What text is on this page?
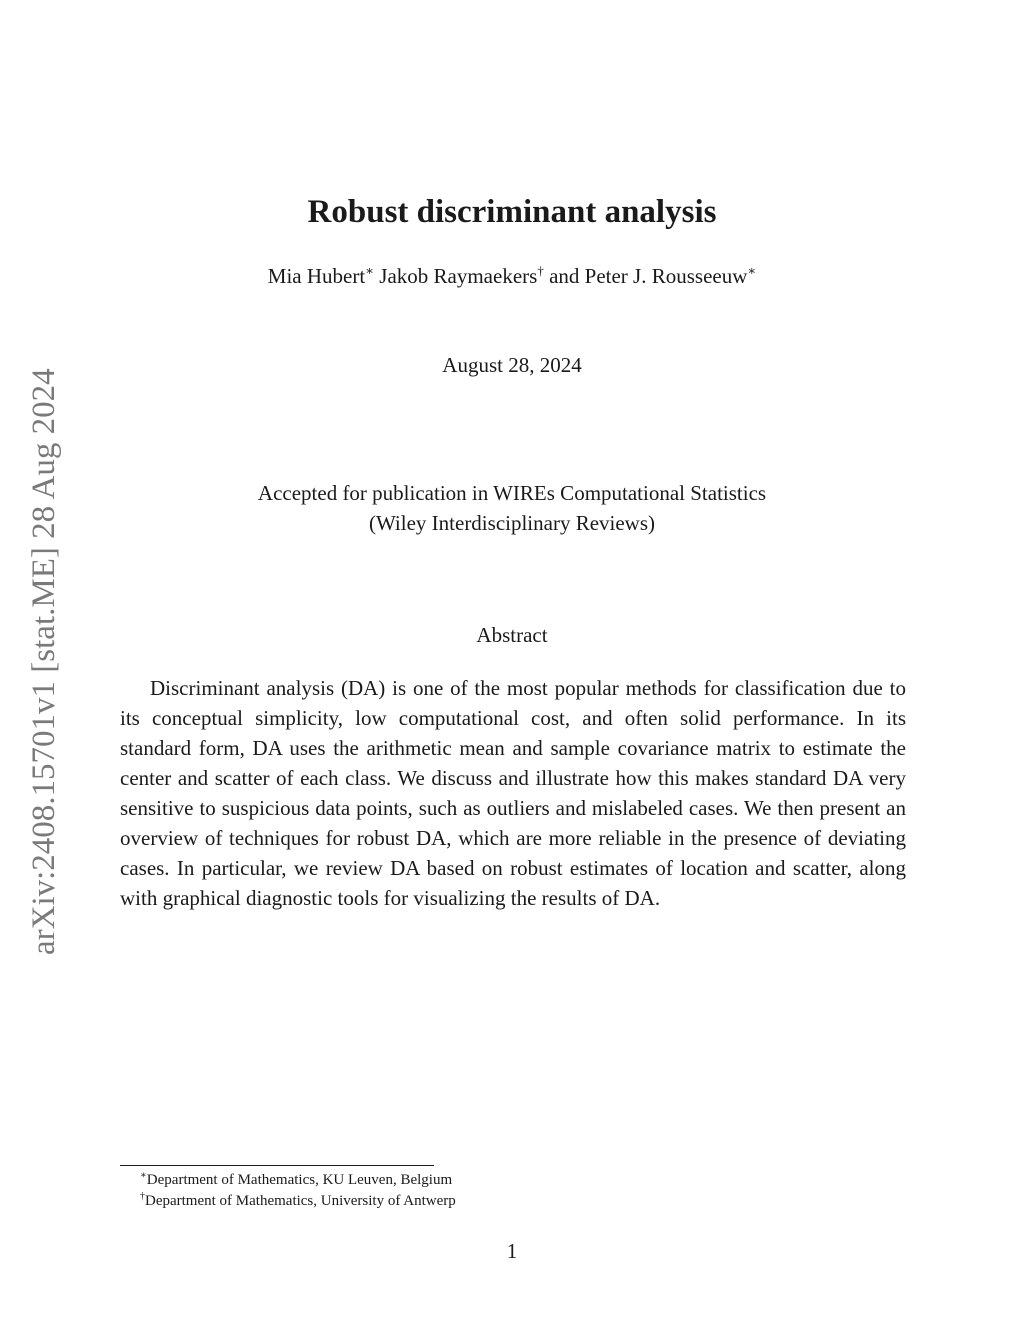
arXiv:2408.15701v1 [stat.ME] 28 Aug 2024
Robust discriminant analysis
Mia Hubert∗ Jakob Raymaekers† and Peter J. Rousseeuw∗
August 28, 2024
Accepted for publication in WIREs Computational Statistics
(Wiley Interdisciplinary Reviews)
Abstract

Discriminant analysis (DA) is one of the most popular methods for classification due to its conceptual simplicity, low computational cost, and often solid performance. In its standard form, DA uses the arithmetic mean and sample covariance matrix to estimate the center and scatter of each class. We discuss and illustrate how this makes standard DA very sensitive to suspicious data points, such as outliers and mislabeled cases. We then present an overview of techniques for robust DA, which are more reliable in the presence of deviating cases. In particular, we review DA based on robust estimates of location and scatter, along with graphical diagnostic tools for visualizing the results of DA.

∗Department of Mathematics, KU Leuven, Belgium
†Department of Mathematics, University of Antwerp
1
